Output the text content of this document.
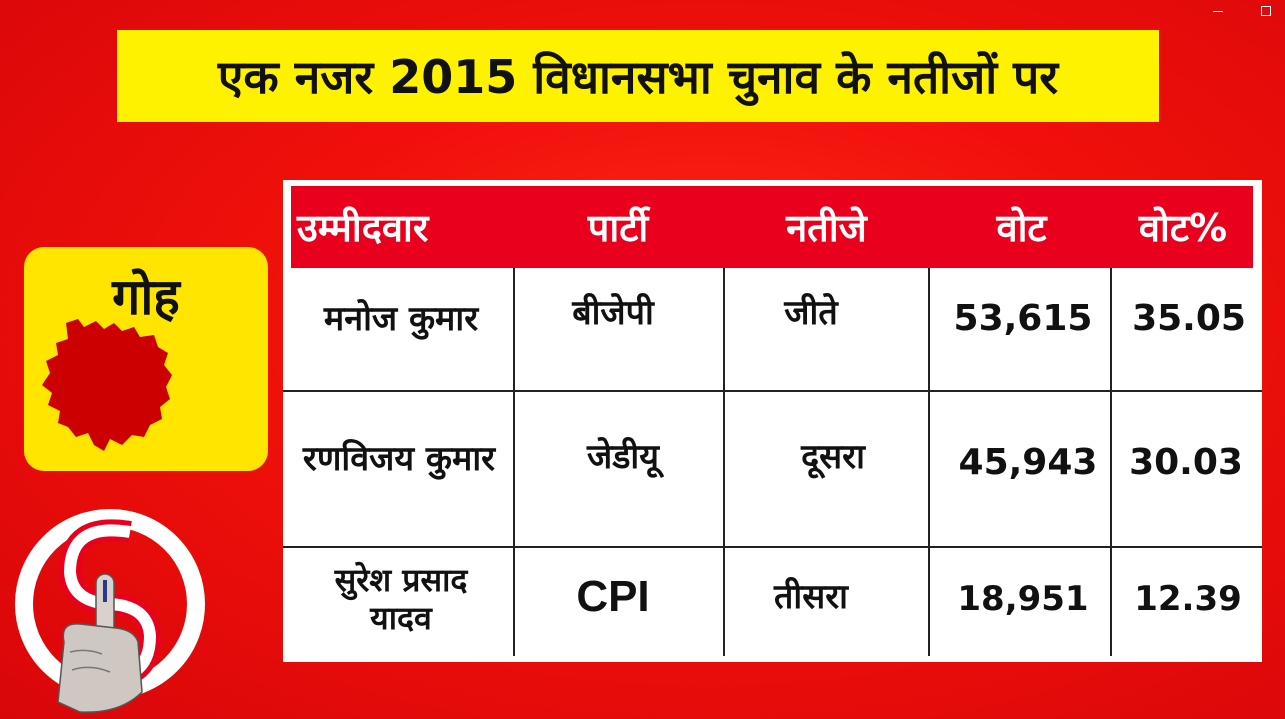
एक नजर 2015 विधानसभा चुनाव के नतीजों पर
गोह
उम्मीदवार	पार्टी	नतीजे	वोट	वोट%
मनोज कुमार	बीजेपी	जीते	53,615 35.05
रणविजय कुमार	जेडीयू	दूसरा	45,943 30.03
सुरेश प्रसाद
यादव	CPI	तीसरा	18,951	12.39
